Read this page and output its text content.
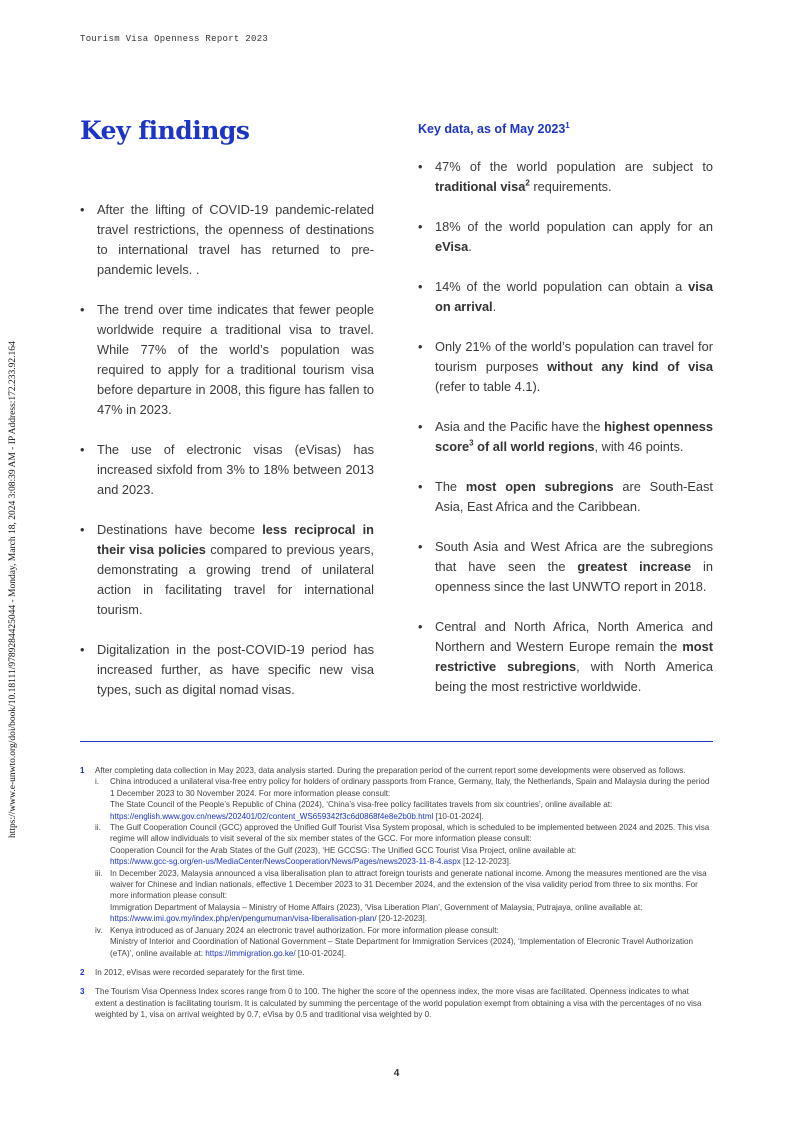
Tourism Visa Openness Report 2023
https://www.e-unwto.org/doi/book/10.18111/9789284425044 - Monday, March 18, 2024 3:08:39 AM - IP Address:172.233.92.164
Key findings
• After the lifting of COVID-19 pandemic-related travel restrictions, the openness of destinations to international travel has returned to pre-pandemic levels. .
• The trend over time indicates that fewer people worldwide require a traditional visa to travel. While 77% of the world’s population was required to apply for a traditional tourism visa before departure in 2008, this figure has fallen to 47% in 2023.
• The use of electronic visas (eVisas) has increased sixfold from 3% to 18% between 2013 and 2023.
• Destinations have become less reciprocal in their visa policies compared to previous years, demonstrating a growing trend of unilateral action in facilitating travel for international tourism.
• Digitalization in the post-COVID-19 period has increased further, as have specific new visa types, such as digital nomad visas.
Key data, as of May 2023$^1$
• 47% of the world population are subject to traditional visa$^2$ requirements.
• 18% of the world population can apply for an eVisa.
• 14% of the world population can obtain a visa on arrival.
• Only 21% of the world’s population can travel for tourism purposes without any kind of visa (refer to table 4.1).
• Asia and the Pacific have the highest openness score$^3$ of all world regions, with 46 points.
• The most open subregions are South-East Asia, East Africa and the Caribbean.
• South Asia and West Africa are the subregions that have seen the greatest increase in openness since the last UNWTO report in 2018.
• Central and North Africa, North America and Northern and Western Europe remain the most restrictive subregions, with North America being the most restrictive worldwide.
1 After completing data collection in May 2023, data analysis started. During the preparation period of the current report some developments were observed as follows.
i. China introduced a unilateral visa-free entry policy for holders of ordinary passports from France, Germany, Italy, the Netherlands, Spain and Malaysia during the period 1 December 2023 to 30 November 2024. For more information please consult:
The State Council of the People’s Republic of China (2024), ‘China’s visa-free policy facilitates travels from six countries’, online available at:
https://english.www.gov.cn/news/202401/02/content_WS659342f3c6d0868f4e8e2b0b.html [10-01-2024].
ii. The Gulf Cooperation Council (GCC) approved the Unified Gulf Tourist Visa System proposal, which is scheduled to be implemented between 2024 and 2025. This visa regime will allow individuals to visit several of the six member states of the GCC. For more information please consult:
Cooperation Council for the Arab States of the Gulf (2023), ‘HE GCCSG: The Unified GCC Tourist Visa Project, online available at:
https://www.gcc-sg.org/en-us/MediaCenter/NewsCooperation/News/Pages/news2023-11-8-4.aspx [12-12-2023].
iii. In December 2023, Malaysia announced a visa liberalisation plan to attract foreign tourists and generate national income. Among the measures mentioned are the visa waiver for Chinese and Indian nationals, effective 1 December 2023 to 31 December 2024, and the extension of the visa validity period from three to six months. For more information please consult:
Immigration Department of Malaysia – Ministry of Home Affairs (2023), ‘Visa Liberation Plan’, Government of Malaysia, Putrajaya, online available at:
https://www.imi.gov.my/index.php/en/pengumuman/visa-liberalisation-plan/ [20-12-2023].
iv. Kenya introduced as of January 2024 an electronic travel authorization. For more information please consult:
Ministry of Interior and Coordination of National Government – State Department for Immigration Services (2024), ‘Implementation of Elecronic Travel Authorization (eTA)’, online available at: https://immigration.go.ke/ [10-01-2024].
2 In 2012, eVisas were recorded separately for the first time.
3 The Tourism Visa Openness Index scores range from 0 to 100. The higher the score of the openness index, the more visas are facilitated. Openness indicates to what extent a destination is facilitating tourism. It is calculated by summing the percentage of the world population exempt from obtaining a visa with the percentages of no visa weighted by 1, visa on arrival weighted by 0.7, eVisa by 0.5 and traditional visa weighted by 0.
4
